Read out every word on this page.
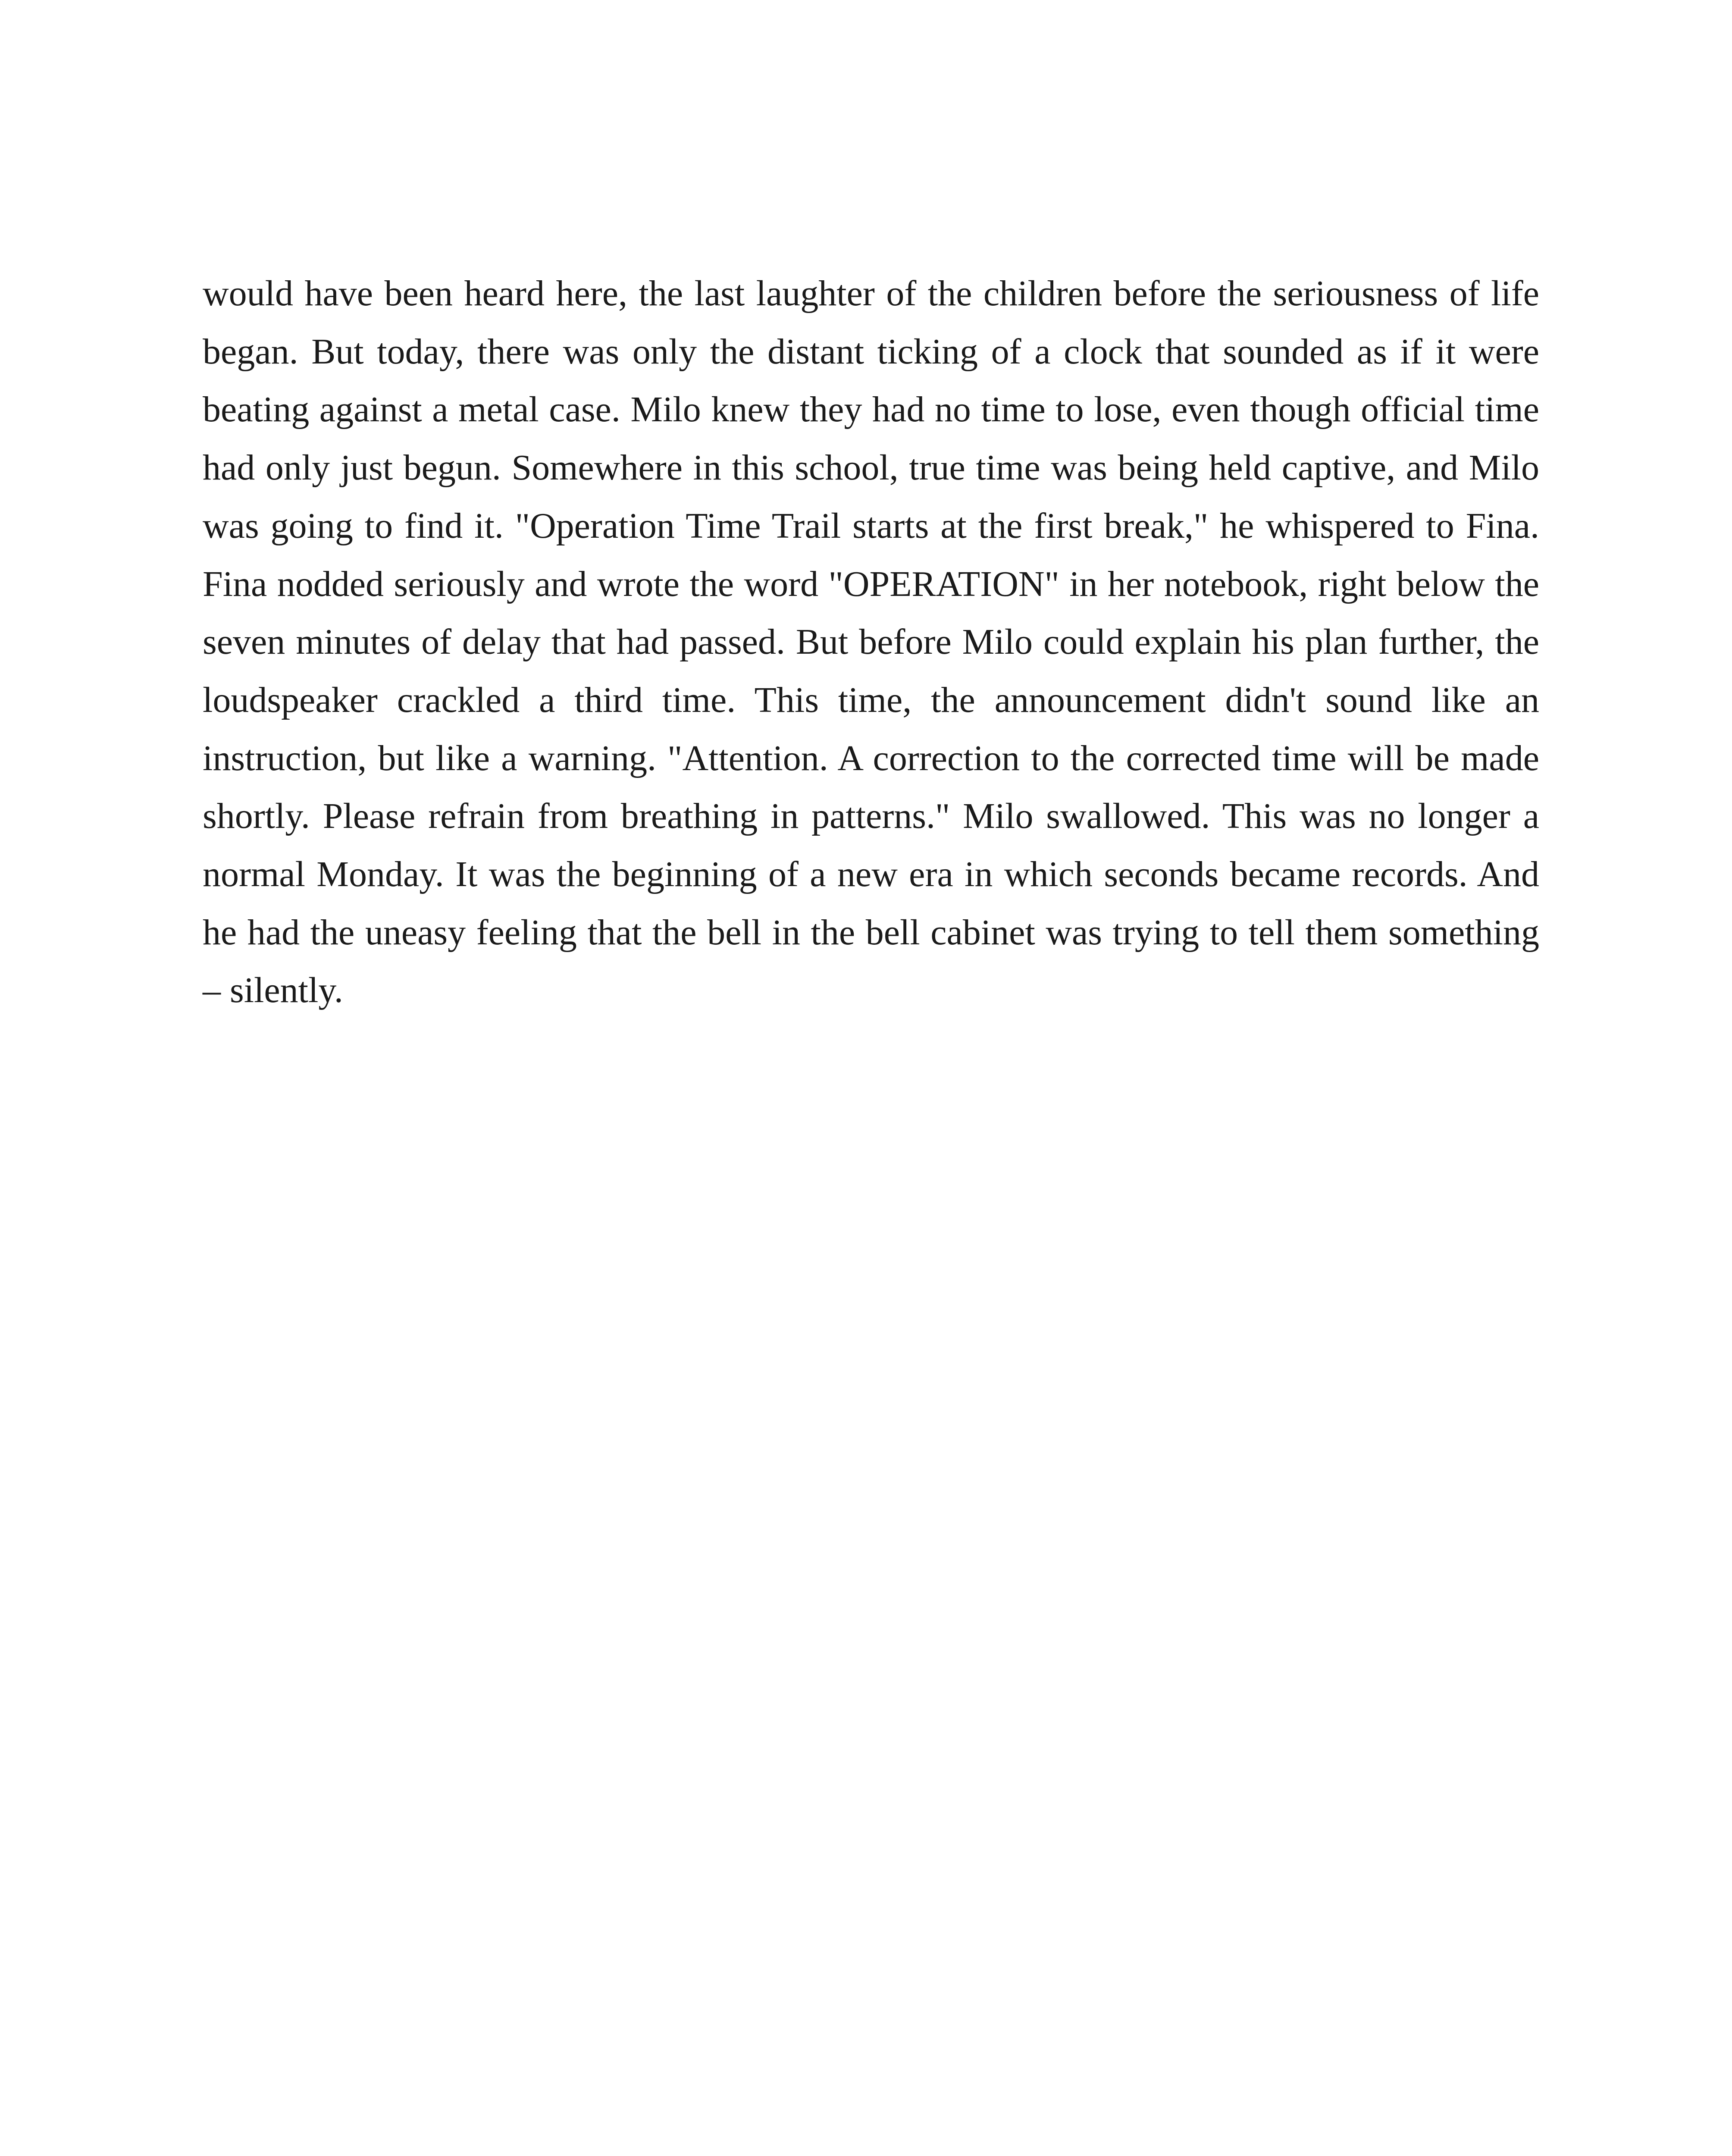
would have been heard here, the last laughter of the children before the seriousness of life began. But today, there was only the distant ticking of a clock that sounded as if it were beating against a metal case. Milo knew they had no time to lose, even though official time had only just begun. Somewhere in this school, true time was being held captive, and Milo was going to find it. "Operation Time Trail starts at the first break," he whispered to Fina. Fina nodded seriously and wrote the word "OPERATION" in her notebook, right below the seven minutes of delay that had passed. But before Milo could explain his plan further, the loudspeaker crackled a third time. This time, the announcement didn't sound like an instruction, but like a warning. "Attention. A correction to the corrected time will be made shortly. Please refrain from breathing in patterns." Milo swallowed. This was no longer a normal Monday. It was the beginning of a new era in which seconds became records. And he had the uneasy feeling that the bell in the bell cabinet was trying to tell them something – silently.
